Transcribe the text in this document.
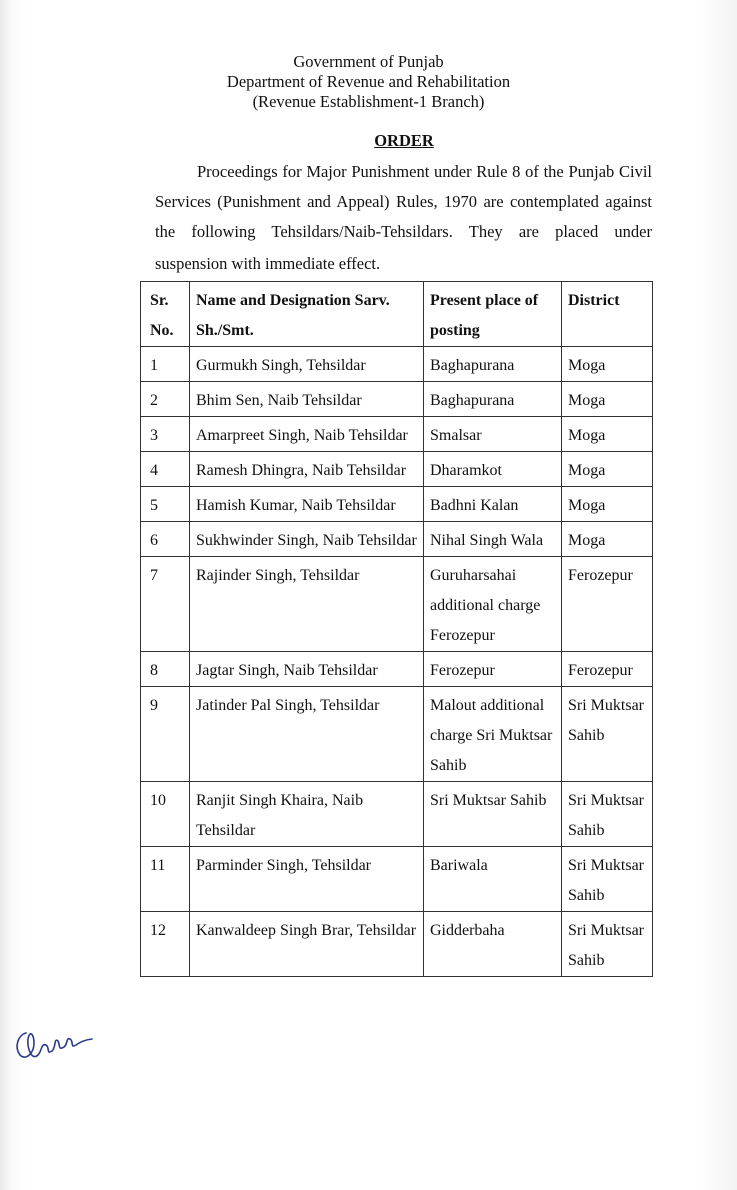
Government of Punjab
Department of Revenue and Rehabilitation
(Revenue Establishment-1 Branch)
ORDER
Proceedings for Major Punishment under Rule 8 of the Punjab Civil
Services (Punishment and Appeal) Rules, 1970 are contemplated against
the following Tehsildars/Naib-Tehsildars. They are placed under
suspension with immediate effect.
Sr. No.	Name and Designation Sarv. Sh./Smt.	Present place of posting	District
1	Gurmukh Singh, Tehsildar	Baghapurana	Moga
2	Bhim Sen, Naib Tehsildar	Baghapurana	Moga
3	Amarpreet Singh, Naib Tehsildar	Smalsar	Moga
4	Ramesh Dhingra, Naib Tehsildar	Dharamkot	Moga
5	Hamish Kumar, Naib Tehsildar	Badhni Kalan	Moga
6	Sukhwinder Singh, Naib Tehsildar	Nihal Singh Wala	Moga
7	Rajinder Singh, Tehsildar	Guruharsahai additional charge Ferozepur	Ferozepur
8	Jagtar Singh, Naib Tehsildar	Ferozepur	Ferozepur
9	Jatinder Pal Singh, Tehsildar	Malout additional charge Sri Muktsar Sahib	Sri Muktsar Sahib
10	Ranjit Singh Khaira, Naib Tehsildar	Sri Muktsar Sahib	Sri Muktsar Sahib
11	Parminder Singh, Tehsildar	Bariwala	Sri Muktsar Sahib
12	Kanwaldeep Singh Brar, Tehsildar	Gidderbaha	Sri Muktsar Sahib
